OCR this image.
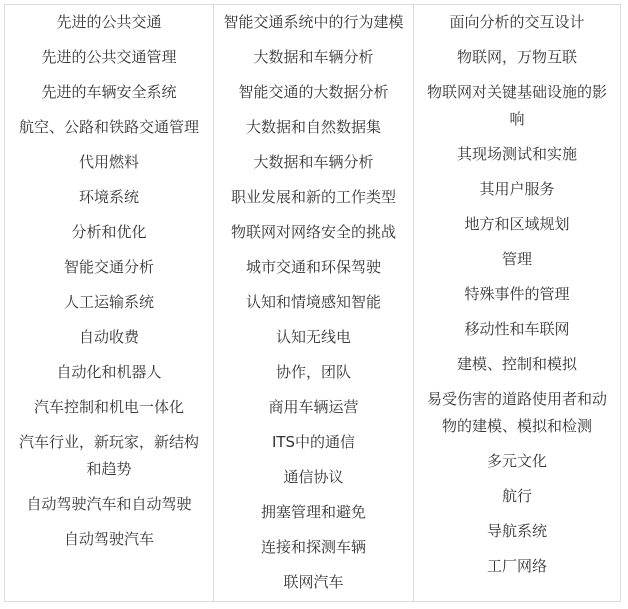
先进的公共交通
先进的公共交通管理
先进的车辆安全系统
航空、公路和铁路交通管理
代用燃料
环境系统
分析和优化
智能交通分析
人工运输系统
自动收费
自动化和机器人
汽车控制和机电一体化
汽车行业，新玩家，新结构和趋势
自动驾驶汽车和自动驾驶
自动驾驶汽车
智能交通系统中的行为建模
大数据和车辆分析
智能交通的大数据分析
大数据和自然数据集
大数据和车辆分析
职业发展和新的工作类型
物联网对网络安全的挑战
城市交通和环保驾驶
认知和情境感知智能
认知无线电
协作，团队
商用车辆运营
ITS中的通信
通信协议
拥塞管理和避免
连接和探测车辆
联网汽车
面向分析的交互设计
物联网，万物互联
物联网对关键基础设施的影响
其现场测试和实施
其用户服务
地方和区域规划
管理
特殊事件的管理
移动性和车联网
建模、控制和模拟
易受伤害的道路使用者和动物的建模、模拟和检测
多元文化
航行
导航系统
工厂网络
